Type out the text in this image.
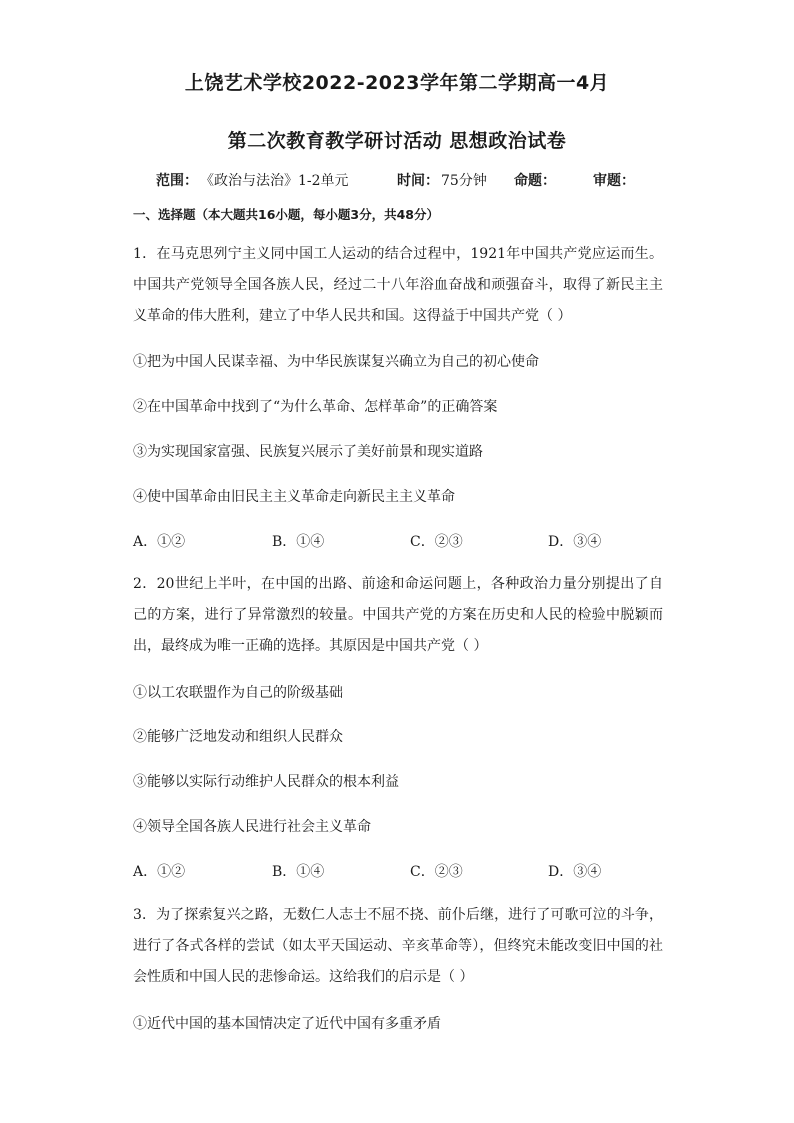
上饶艺术学校2022-2023学年第二学期高一4月
第二次教育教学研讨活动 思想政治试卷
范围： 《政治与法治》1-2单元	时间： 75分钟 命题：	审题：
一、选择题（本大题共16小题，每小题3分，共48分）
1．在马克思列宁主义同中国工人运动的结合过程中，1921年中国共产党应运而生。中国共产党领导全国各族人民，经过二十八年浴血奋战和顽强奋斗，取得了新民主主义革命的伟大胜利，建立了中华人民共和国。这得益于中国共产党（ ）
①把为中国人民谋幸福、为中华民族谋复兴确立为自己的初心使命
②在中国革命中找到了“为什么革命、怎样革命”的正确答案
③为实现国家富强、民族复兴展示了美好前景和现实道路
④使中国革命由旧民主主义革命走向新民主主义革命
A．①②	B．①④	C．②③	D．③④
2．20世纪上半叶，在中国的出路、前途和命运问题上，各种政治力量分别提出了自己的方案，进行了异常激烈的较量。中国共产党的方案在历史和人民的检验中脱颖而出，最终成为唯一正确的选择。其原因是中国共产党（ ）
①以工农联盟作为自己的阶级基础
②能够广泛地发动和组织人民群众
③能够以实际行动维护人民群众的根本利益
④领导全国各族人民进行社会主义革命
A．①②	B．①④	C．②③	D．③④
3．为了探索复兴之路，无数仁人志士不屈不挠、前仆后继，进行了可歌可泣的斗争，进行了各式各样的尝试（如太平天国运动、辛亥革命等），但终究未能改变旧中国的社会性质和中国人民的悲惨命运。这给我们的启示是（ ）
①近代中国的基本国情决定了近代中国有多重矛盾
